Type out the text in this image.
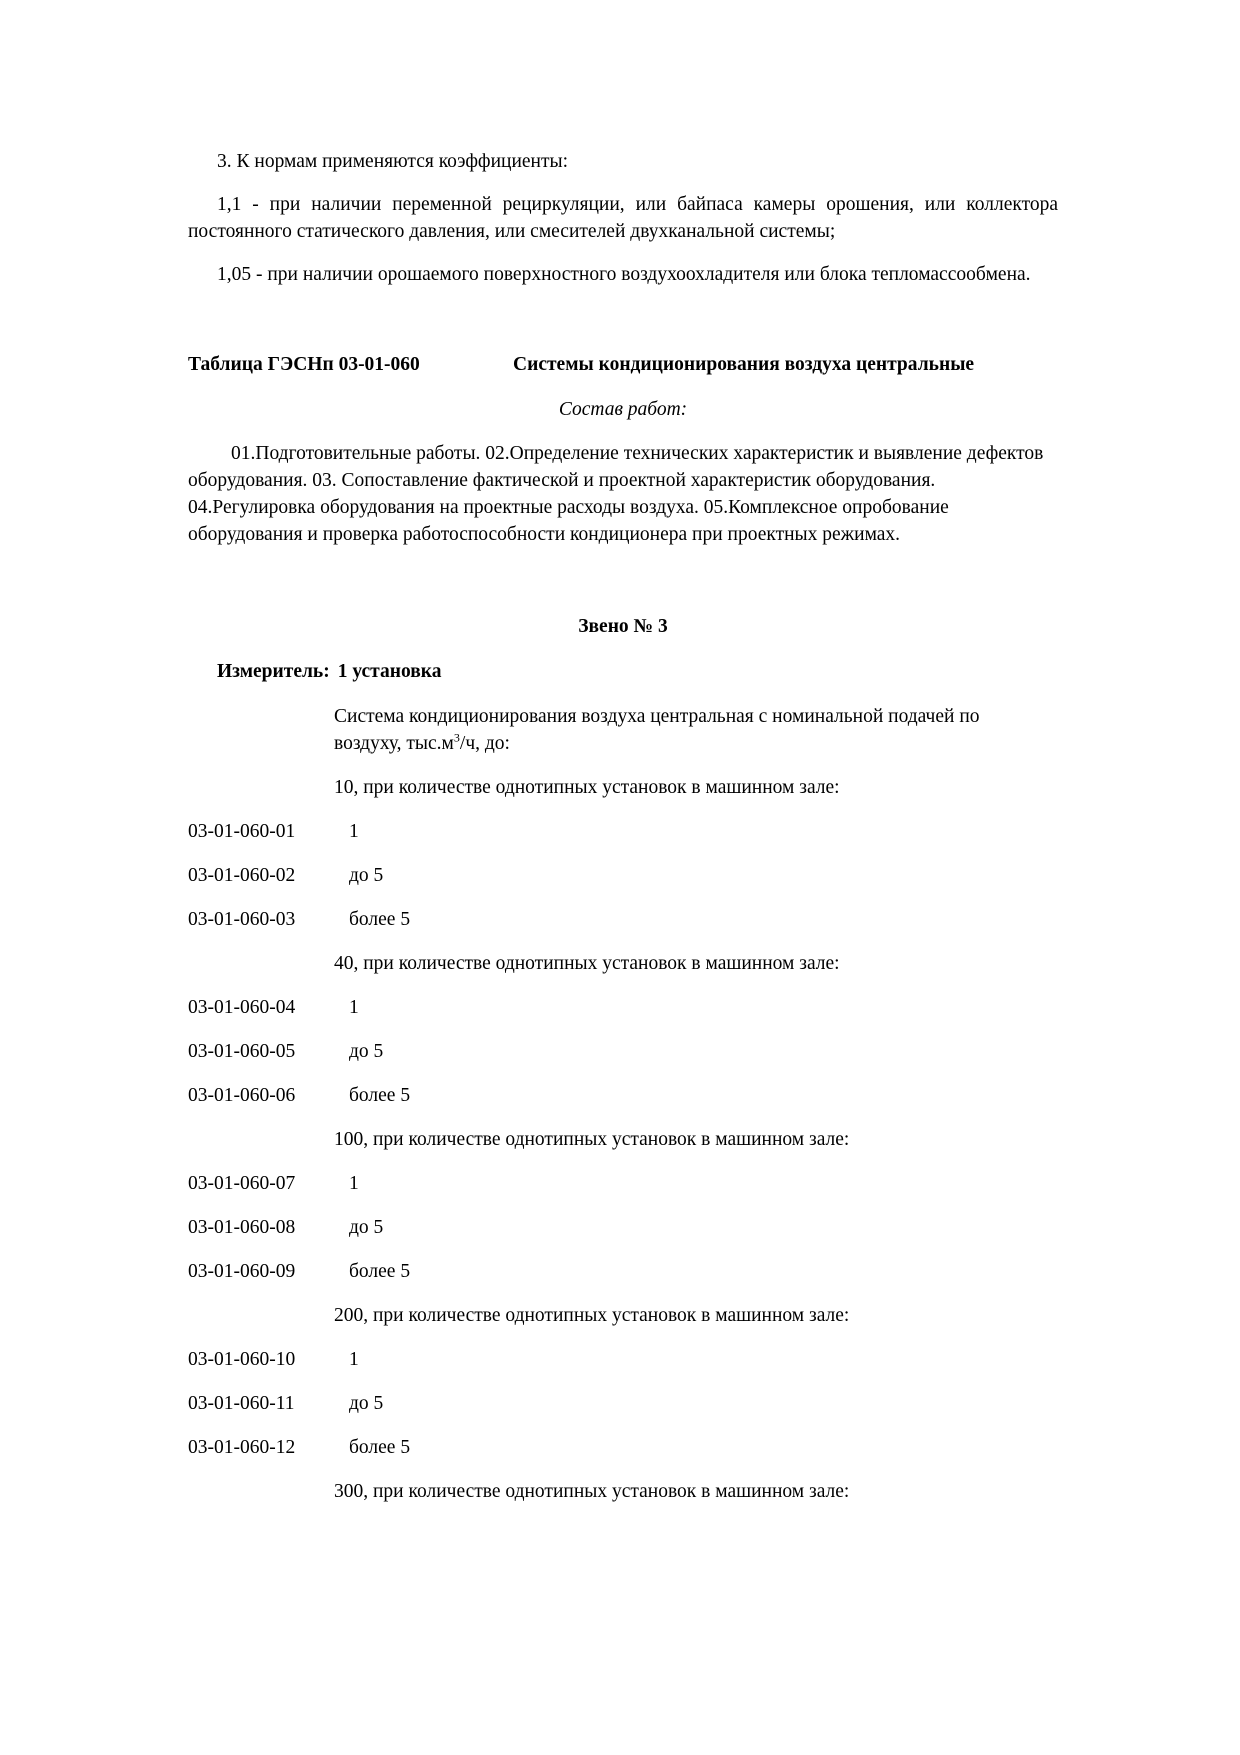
3. К нормам применяются коэффициенты:

1,1 - при наличии переменной рециркуляции, или байпаса камеры орошения, или коллектора постоянного статического давления, или смесителей двухканальной системы;

1,05 - при наличии орошаемого поверхностного воздухоохладителя или блока тепломассообмена.

Таблица ГЭСНп 03-01-060	Системы кондиционирования воздуха центральные

Состав работ:

01.Подготовительные работы. 02.Определение технических характеристик и выявление дефектов оборудования. 03. Сопоставление фактической и проектной характеристик оборудования. 04.Регулировка оборудования на проектные расходы воздуха. 05.Комплексное опробование оборудования и проверка работоспособности кондиционера при проектных режимах.

Звено № 3

Измеритель: 1 установка

Система кондиционирования воздуха центральная с номинальной подачей по воздуху, $тыс.м^3/ч$, до:

10, при количестве однотипных установок в машинном зале:

03-01-060-01	1
03-01-060-02	до 5
03-01-060-03	более 5

40, при количестве однотипных установок в машинном зале:

03-01-060-04	1
03-01-060-05	до 5
03-01-060-06	более 5

100, при количестве однотипных установок в машинном зале:

03-01-060-07	1
03-01-060-08	до 5
03-01-060-09	более 5

200, при количестве однотипных установок в машинном зале:

03-01-060-10	1
03-01-060-11	до 5
03-01-060-12	более 5

300, при количестве однотипных установок в машинном зале:
